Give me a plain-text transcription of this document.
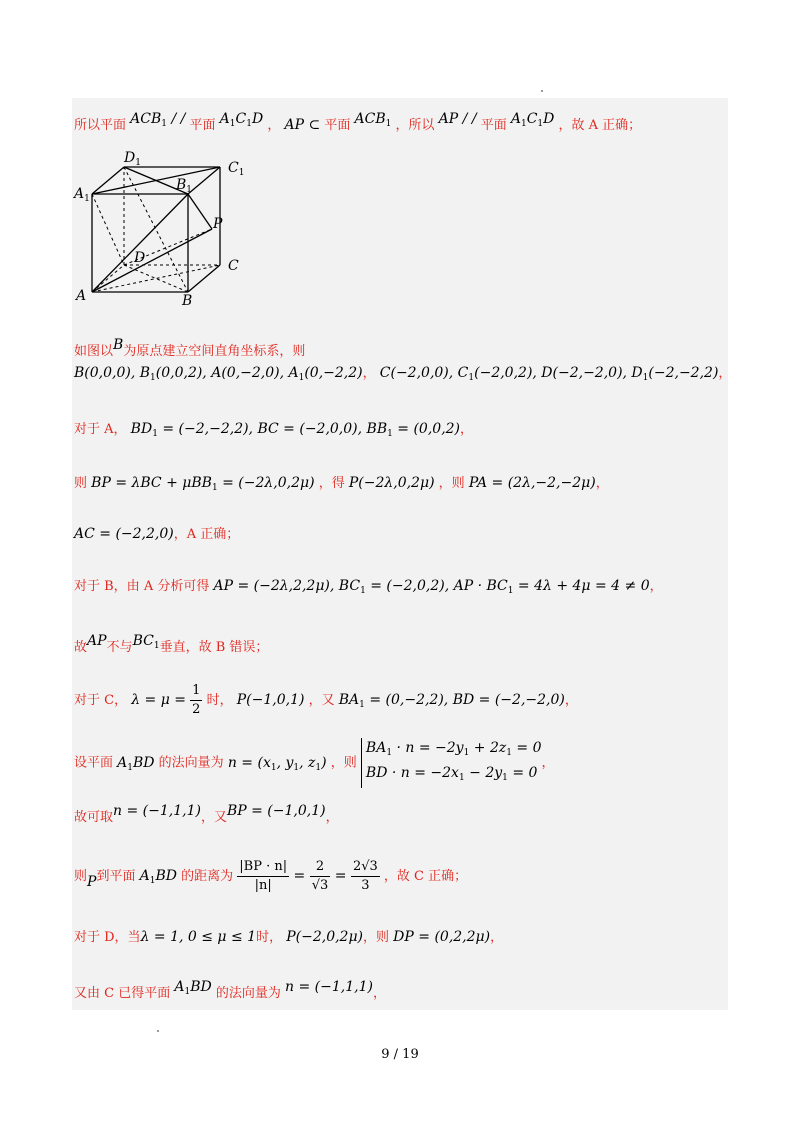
所以平面 $ACB_1$ / / 平面 $A_1C_1D$ ， AP ⊂ 平面 $ACB_1$ ，所以 AP / / 平面 $A_1C_1D$ ，故 A 正确；
$D_1$	$C_1$
$A_1$
$B_1$
P
D	C
A	B
如图以B为原点建立空间直角坐标系，则
B(0,0,0), $B_1(0,0,2)$, A(0,−2,0), $A_1(0,-2,2)$， C(−2,0,0), $C_1(-2,0,2)$, D(−2,−2,0), $D_1(-2,-2,2)$，
对于 A， $BD_1 = (-2,-2,2)$, BC = (−2,0,0), $BB_1 = (0,0,2)$，
则 BP = λBC + μBB$_1$ = (−2λ,0,2μ) ，得 P(−2λ,0,2μ) ，则 PA = (2λ,−2,−2μ)，
AC = (−2,2,0)，A 正确；
对于 B，由 A 分析可得 AP = (−2λ,2,2μ), $BC_1 = (-2,0,2)$, AP · $BC_1 = 4\lambda + 4\mu = 4 \ne 0$，
故AP不与$BC_1$垂直，故 B 错误；
对于 C， $\lambda = \mu = \frac{1}{2}$ 时， P(−1,0,1) ，又 $BA_1 = (0,-2,2)$, BD = (−2,−2,0)，
设平面 $A_1BD$ 的法向量为 $n = (x_1$, $y_1$, $z_1$) ，则
$BA_1 \cdot n = -2y_1 + 2z_1 = 0$
BD · $n = -2x_1 - 2y_1 = 0$
，
故可取n = (−1,1,1)，又BP = (−1,0,1)，
则P到平面 $A_1BD$ 的距离为 $\frac{|BP \cdot n|}{|n|} = \frac{2}{√3} = \frac{2√3}{3}$ ，故 C 正确；
对于 D，当λ = 1, 0 ≤ μ ≤ 1时， P(−2,0,2μ)，则 DP = (0,2,2μ)，
又由 C 已得平面 $A_1BD$ 的法向量为 n = (−1,1,1)，
9 / 19
